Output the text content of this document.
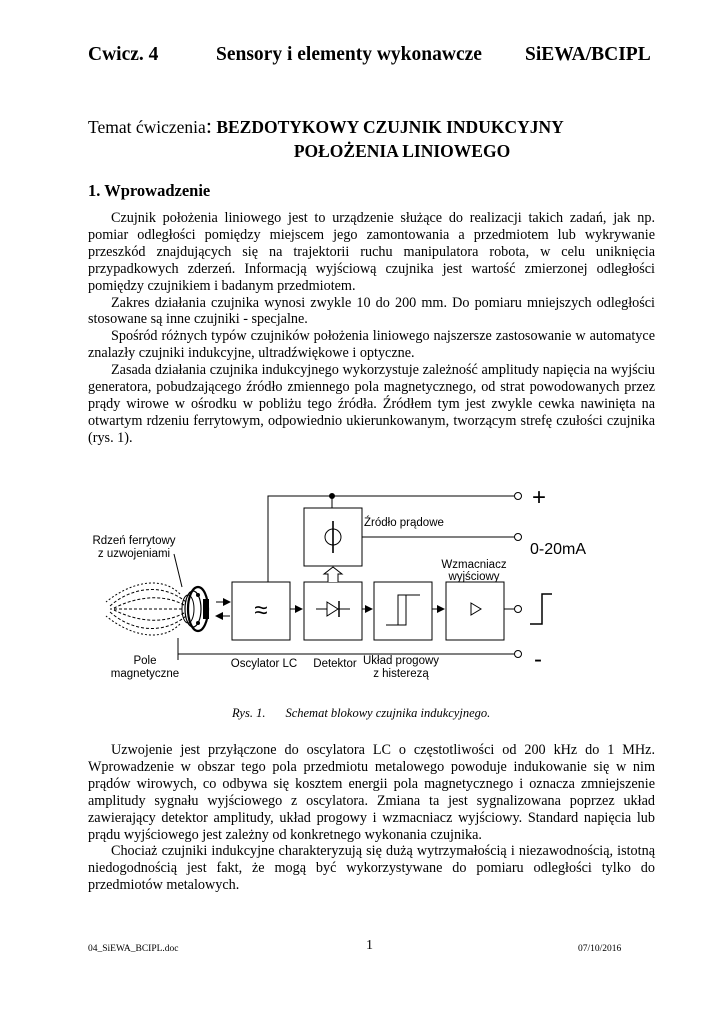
Cwicz. 4	Sensory i elementy wykonawcze SiEWA/BCIPL
Temat ćwiczenia: BEZDOTYKOWY CZUJNIK INDUKCYJNY
POŁOŻENIA LINIOWEGO
1. Wprowadzenie

Czujnik położenia liniowego jest to urządzenie służące do realizacji takich zadań, jak np. pomiar odległości pomiędzy miejscem jego zamontowania a przedmiotem lub wykrywanie przeszkód znajdujących się na trajektorii ruchu manipulatora robota, w celu uniknięcia przypadkowych zderzeń. Informacją wyjściową czujnika jest wartość zmierzonej odległości pomiędzy czujnikiem i badanym przedmiotem.

Zakres działania czujnika wynosi zwykle 10 do 200 mm. Do pomiaru mniejszych odległości stosowane są inne czujniki - specjalne.

Spośród różnych typów czujników położenia liniowego najszersze zastosowanie w automatyce znalazły czujniki indukcyjne, ultradźwiękowe i optyczne.

Zasada działania czujnika indukcyjnego wykorzystuje zależność amplitudy napięcia na wyjściu generatora, pobudzającego źródło zmiennego pola magnetycznego, od strat powodowanych przez prądy wirowe w ośrodku w pobliżu tego źródła. Źródłem tym jest zwykle cewka nawinięta na otwartym rdzeniu ferrytowym, odpowiednio ukierunkowanym, tworzącym strefę czułości czujnika (rys. 1).

≈
+
-
0-20mA
Źródło prądowe
Wzmacniacz
wyjściowy
Rdzeń ferrytowy
z uzwojeniami
Pole
magnetyczne
Oscylator LC Detektor Układ progowy
z histerezą
Rys. 1. Schemat blokowy czujnika indukcyjnego.

Uzwojenie jest przyłączone do oscylatora LC o częstotliwości od 200 kHz do 1 MHz. Wprowadzenie w obszar tego pola przedmiotu metalowego powoduje indukowanie się w nim prądów wirowych, co odbywa się kosztem energii pola magnetycznego i oznacza zmniejszenie amplitudy sygnału wyjściowego z oscylatora. Zmiana ta jest sygnalizowana poprzez układ zawierający detektor amplitudy, układ progowy i wzmacniacz wyjściowy. Standard napięcia lub prądu wyjściowego jest zależny od konkretnego wykonania czujnika.

Chociaż czujniki indukcyjne charakteryzują się dużą wytrzymałością i niezawodnością, istotną niedogodnością jest fakt, że mogą być wykorzystywane do pomiaru odległości tylko do przedmiotów metalowych.

04_SiEWA_BCIPL.doc	1	07/10/2016
